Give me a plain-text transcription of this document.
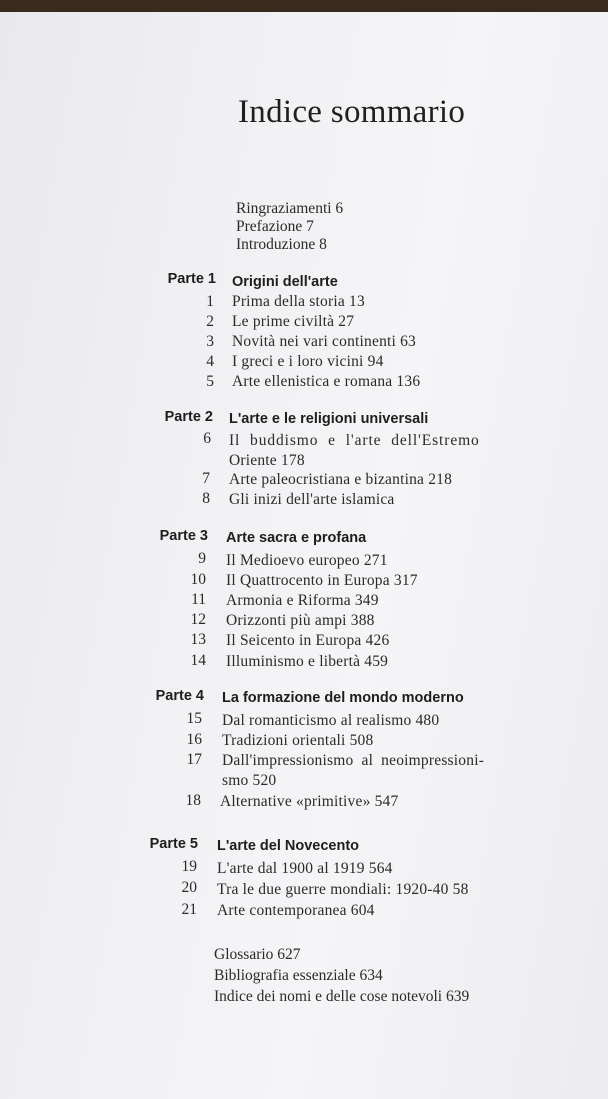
Indice sommario
Ringraziamenti 6
Prefazione 7
Introduzione 8
Parte 1 Origini dell'arte
1 Prima della storia 13
2 Le prime civiltà 27
3 Novità nei vari continenti 63
4 I greci e i loro vicini 94
5 Arte ellenistica e romana 136
Parte 2 L'arte e le religioni universali
6 Il buddismo e l'arte dell'Estremo
Oriente 178
7 Arte paleocristiana e bizantina 218
8 Gli inizi dell'arte islamica
Parte 3 Arte sacra e profana
9 Il Medioevo europeo 271
10 Il Quattrocento in Europa 317
11 Armonia e Riforma 349
12 Orizzonti più ampi 388
13 Il Seicento in Europa 426
14 Illuminismo e libertà 459
Parte 4 La formazione del mondo moderno
15 Dal romanticismo al realismo 480
16 Tradizioni orientali 508
17 Dall'impressionismo al neoimpressioni-
smo 520
18 Alternative «primitive» 547
Parte 5 L'arte del Novecento
19 L'arte dal 1900 al 1919 564
20 Tra le due guerre mondiali: 1920-40 58
21 Arte contemporanea 604
Glossario 627
Bibliografia essenziale 634
Indice dei nomi e delle cose notevoli 639
